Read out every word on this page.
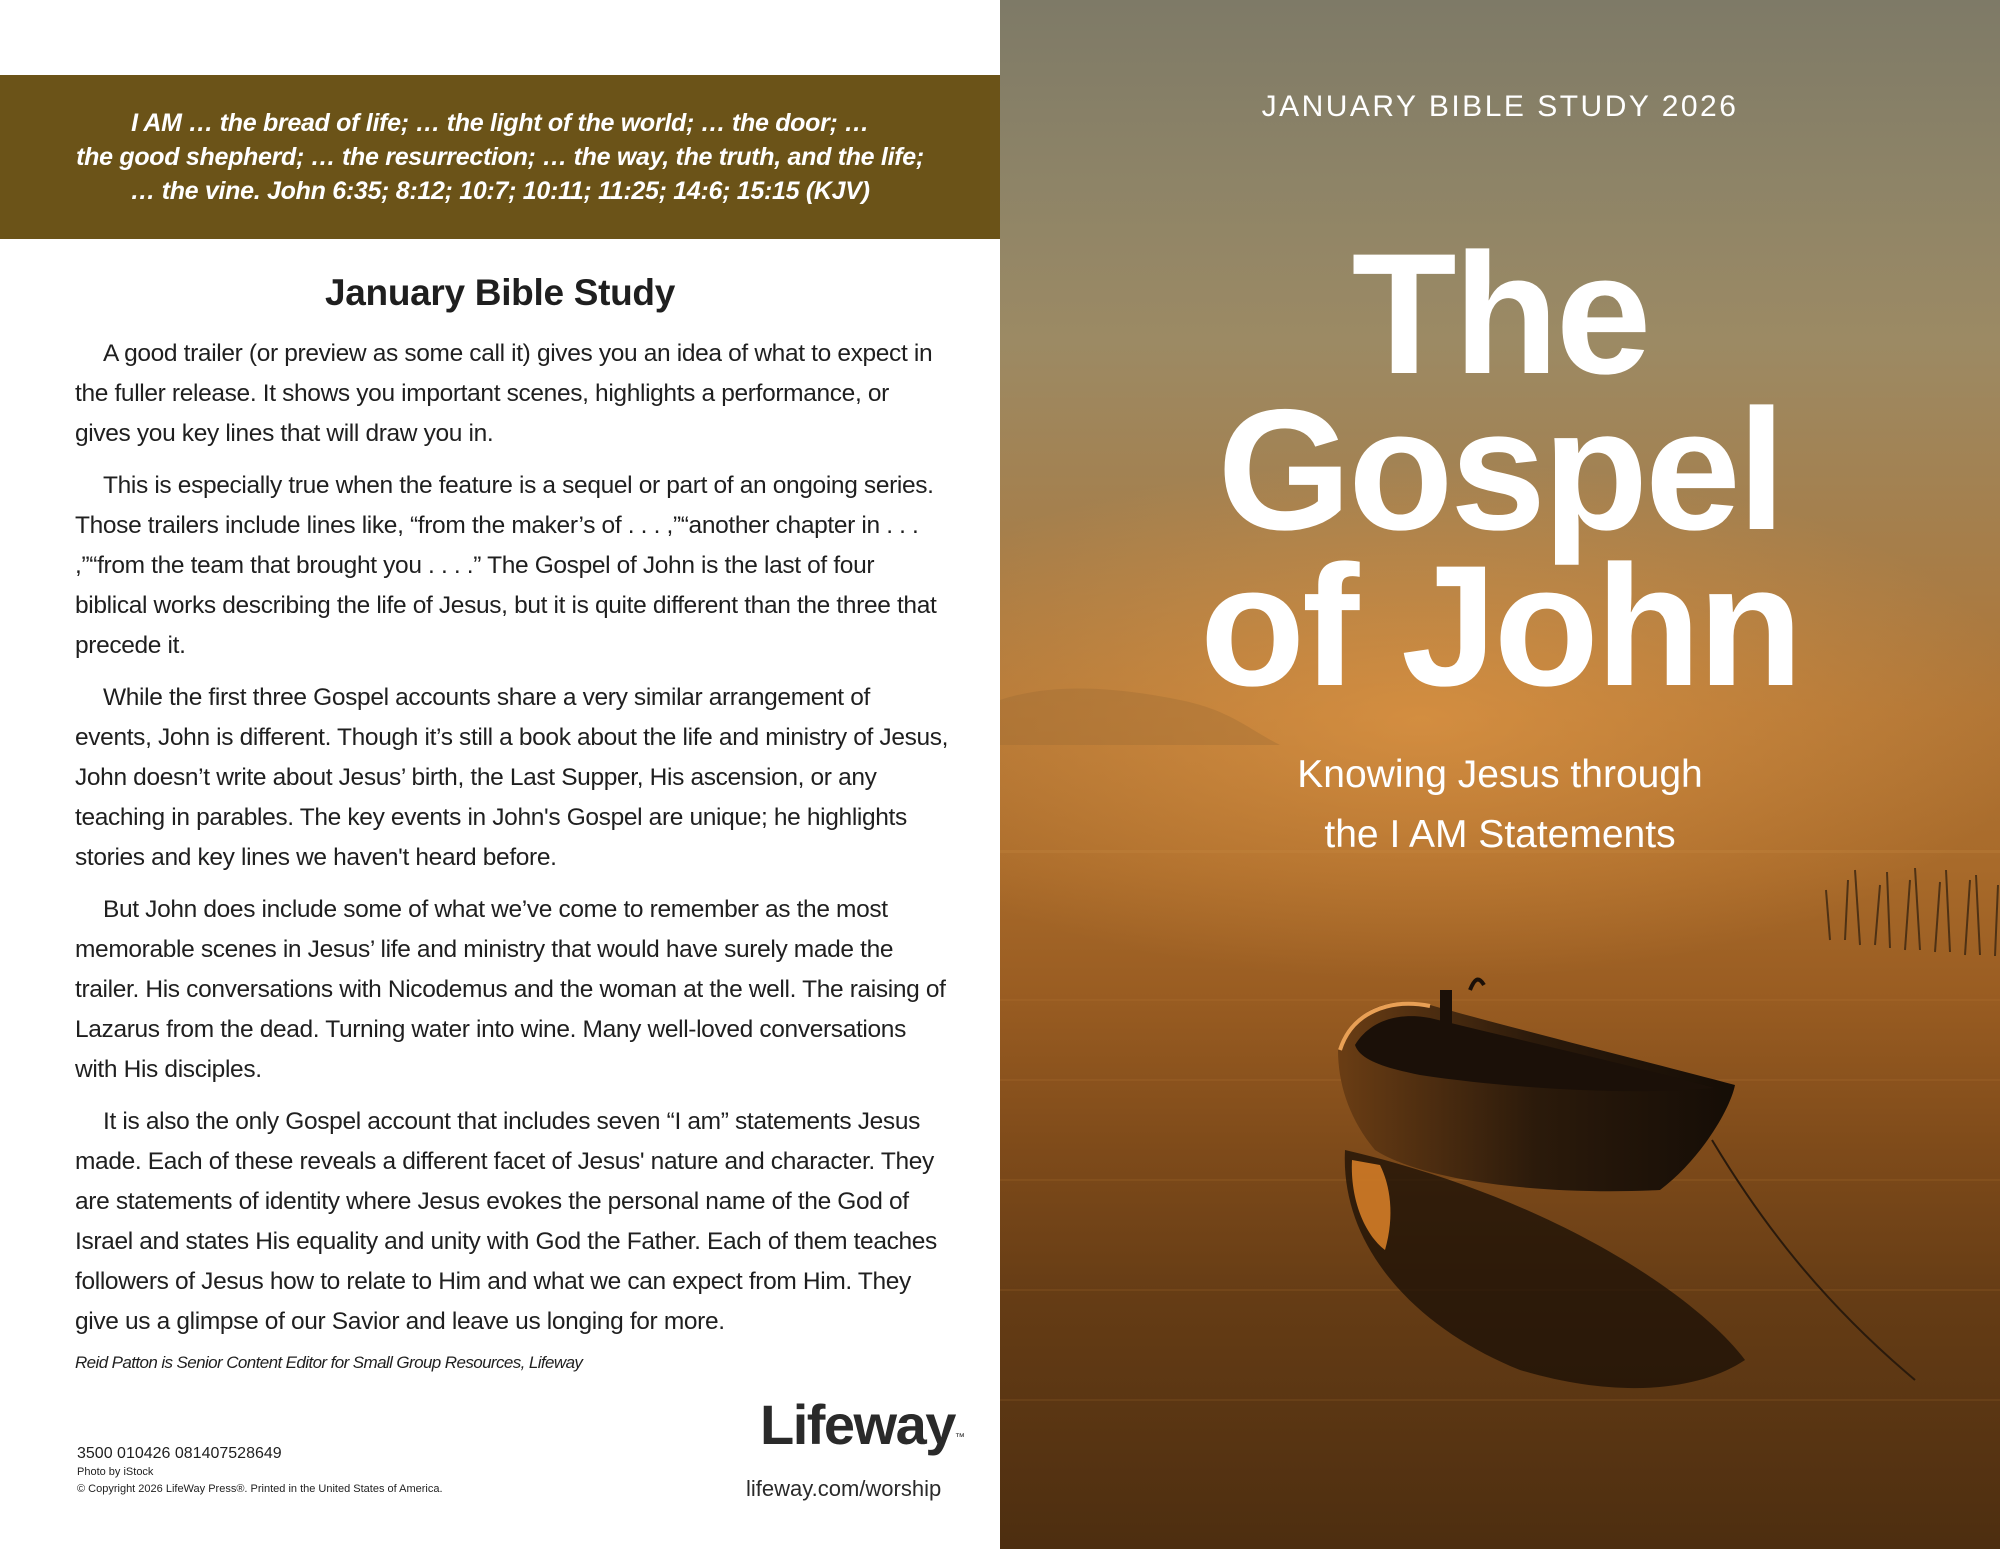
I AM … the bread of life; … the light of the world; … the door; …
the good shepherd; … the resurrection; … the way, the truth, and the life;
… the vine. John 6:35; 8:12; 10:7; 10:11; 11:25; 14:6; 15:15 (KJV)
January Bible Study

A good trailer (or preview as some call it) gives you an idea of what to expect in the fuller release. It shows you important scenes, highlights a performance, or gives you key lines that will draw you in.

This is especially true when the feature is a sequel or part of an ongoing series. Those trailers include lines like, “from the maker’s of . . . ,”“another chapter in . . . ,”“from the team that brought you . . . .” The Gospel of John is the last of four biblical works describing the life of Jesus, but it is quite different than the three that precede it.

While the first three Gospel accounts share a very similar arrangement of events, John is different. Though it’s still a book about the life and ministry of Jesus, John doesn’t write about Jesus’ birth, the Last Supper, His ascension, or any teaching in parables. The key events in John's Gospel are unique; he highlights stories and key lines we haven't heard before.

But John does include some of what we’ve come to remember as the most memorable scenes in Jesus’ life and ministry that would have surely made the trailer. His conversations with Nicodemus and the woman at the well. The raising of Lazarus from the dead. Turning water into wine. Many well-loved conversations with His disciples.

It is also the only Gospel account that includes seven “I am” statements Jesus made. Each of these reveals a different facet of Jesus' nature and character. They are statements of identity where Jesus evokes the personal name of the God of Israel and states His equality and unity with God the Father. Each of them teaches followers of Jesus how to relate to Him and what we can expect from Him. They give us a glimpse of our Savior and leave us longing for more.

Reid Patton is Senior Content Editor for Small Group Resources, Lifeway
3500 010426 081407528649
Photo by iStock
© Copyright 2026 LifeWay Press®. Printed in the United States of America.
Lifeway™
lifeway.com/worship
JANUARY BIBLE STUDY 2026
The
Gospel
of John
Knowing Jesus through
the I AM Statements
